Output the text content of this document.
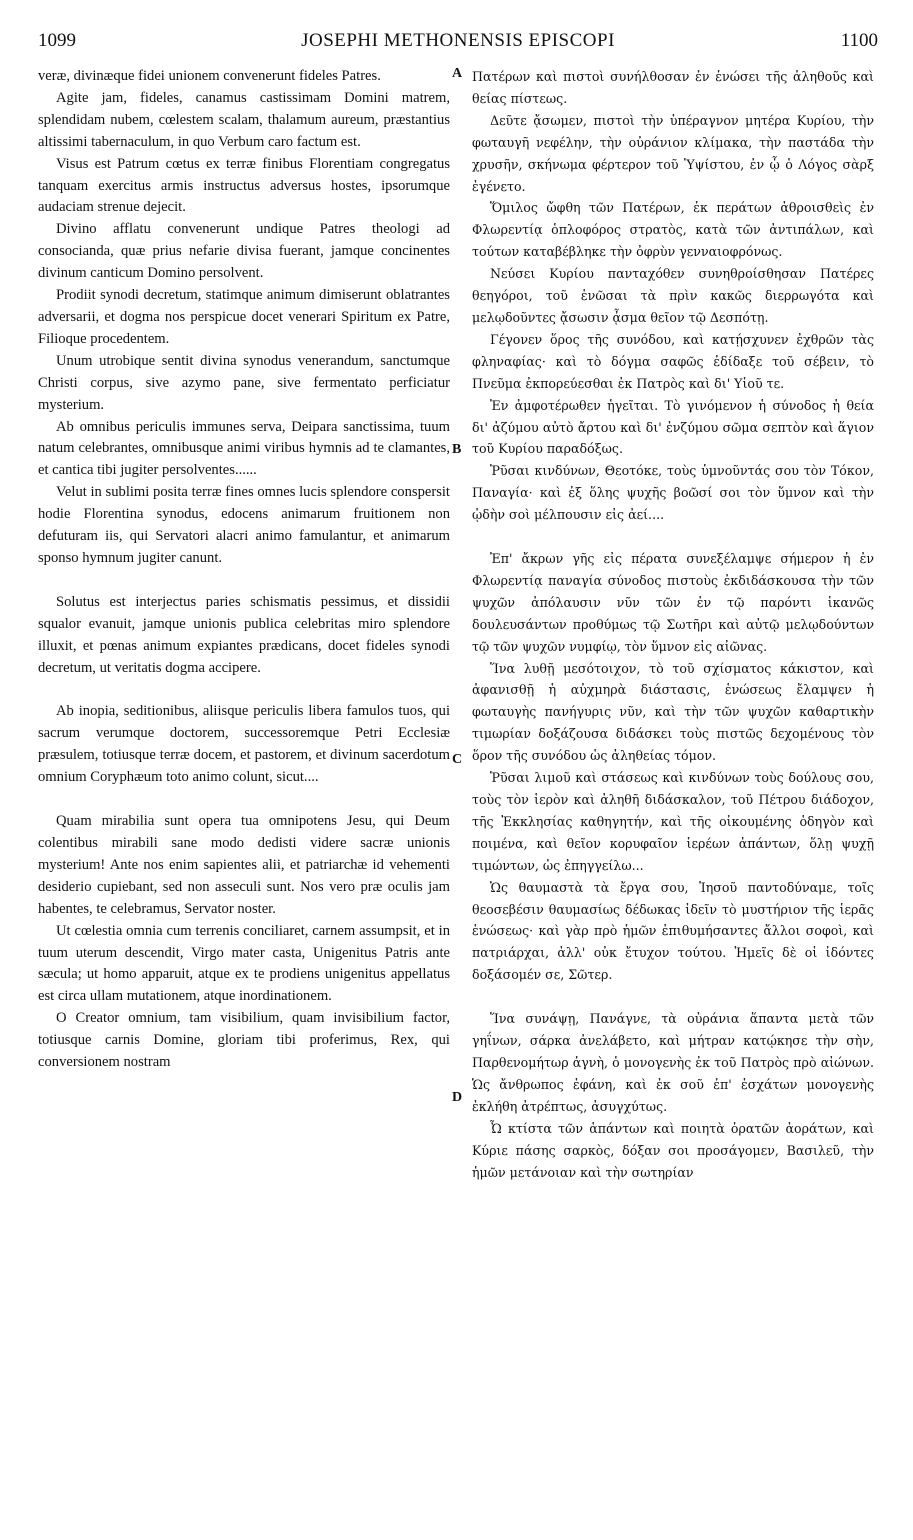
1099	JOSEPHI METHONENSIS EPISCOPI	1100
A
B
C
D

veræ, divinæque fidei unionem convenerunt fideles Patres.

Agite jam, fideles, canamus castissimam Domini matrem, splendidam nubem, cœlestem scalam, thalamum aureum, præstantius altissimi tabernaculum, in quo Verbum caro factum est.

Visus est Patrum cœtus ex terræ finibus Florentiam congregatus tanquam exercitus armis instructus adversus hostes, ipsorumque audaciam strenue dejecit.

Divino afflatu convenerunt undique Patres theologi ad consocianda, quæ prius nefarie divisa fuerant, jamque concinentes divinum canticum Domino persolvent.

Prodiit synodi decretum, statimque animum dimiserunt oblatrantes adversarii, et dogma nos perspicue docet venerari Spiritum ex Patre, Filioque procedentem.

Unum utrobique sentit divina synodus venerandum, sanctumque Christi corpus, sive azymo pane, sive fermentato perficiatur mysterium.

Ab omnibus periculis immunes serva, Deipara sanctissima, tuum natum celebrantes, omnibusque animi viribus hymnis ad te clamantes, et cantica tibi jugiter persolventes......

Velut in sublimi posita terræ fines omnes lucis splendore conspersit hodie Florentina synodus, edocens animarum fruitionem non defuturam iis, qui Servatori alacri animo famulantur, et animarum sponso hymnum jugiter canunt.

Solutus est interjectus paries schismatis pessimus, et dissidii squalor evanuit, jamque unionis publica celebritas miro splendore illuxit, et pœnas animum expiantes prædicans, docet fideles synodi decretum, ut veritatis dogma accipere.

Ab inopia, seditionibus, aliisque periculis libera famulos tuos, qui sacrum verumque doctorem, successoremque Petri Ecclesiæ præsulem, totiusque terræ docem, et pastorem, et divinum sacerdotum omnium Coryphæum toto animo colunt, sicut....

Quam mirabilia sunt opera tua omnipotens Jesu, qui Deum colentibus mirabili sane modo dedisti videre sacræ unionis mysterium! Ante nos enim sapientes alii, et patriarchæ id vehementi desiderio cupiebant, sed non asseculi sunt. Nos vero præ oculis jam habentes, te celebramus, Servator noster.

Ut cœlestia omnia cum terrenis conciliaret, carnem assumpsit, et in tuum uterum descendit, Virgo mater casta, Unigenitus Patris ante sæcula; ut homo apparuit, atque ex te prodiens unigenitus appellatus est circa ullam mutationem, atque inordinationem.

O Creator omnium, tam visibilium, quam invisibilium factor, totiusque carnis Domine, gloriam tibi proferimus, Rex, qui conversionem nostram

Πατέρων καὶ πιστοὶ συνήλθοσαν ἐν ἑνώσει τῆς ἀληθοῦς καὶ θείας πίστεως.

Δεῦτε ᾄσωμεν, πιστοὶ τὴν ὑπέραγνον μητέρα Κυρίου, τὴν φωταυγῆ νεφέλην, τὴν οὐράνιον κλίμακα, τὴν παστάδα τὴν χρυσῆν, σκήνωμα φέρτερον τοῦ Ὑψίστου, ἐν ᾧ ὁ Λόγος σὰρξ ἐγένετο.

Ὅμιλος ὤφθη τῶν Πατέρων, ἐκ περάτων ἀθροισθεὶς ἐν Φλωρεντίᾳ ὁπλοφόρος στρατὸς, κατὰ τῶν ἀντιπάλων, καὶ τούτων καταβέβληκε τὴν ὀφρὺν γενναιοφρόνως.

Νεύσει Κυρίου πανταχόθεν συνηθροίσθησαν Πατέρες θεηγόροι, τοῦ ἑνῶσαι τὰ πρὶν κακῶς διερρωγότα καὶ μελῳδοῦντες ᾄσωσιν ᾆσμα θεῖον τῷ Δεσπότῃ.

Γέγονεν ὅρος τῆς συνόδου, καὶ κατῄσχυνεν ἐχθρῶν τὰς φληναφίας· καὶ τὸ δόγμα σαφῶς ἐδίδαξε τοῦ σέβειν, τὸ Πνεῦμα ἐκπορεύεσθαι ἐκ Πατρὸς καὶ δι' Υἱοῦ τε.

Ἐν ἀμφοτέρωθεν ἡγεῖται. Τὸ γινόμενον ἡ σύνοδος ἡ θεία δι' ἀζύμου αὐτὸ ἄρτου καὶ δι' ἐνζύμου σῶμα σεπτὸν καὶ ἅγιον τοῦ Κυρίου παραδόξως.

Ῥῦσαι κινδύνων, Θεοτόκε, τοὺς ὑμνοῦντάς σου τὸν Τόκον, Παναγία· καὶ ἐξ ὅλης ψυχῆς βοῶσί σοι τὸν ὕμνον καὶ τὴν ᾠδὴν σοὶ μέλπουσιν εἰς ἀεί....

Ἐπ' ἄκρων γῆς εἰς πέρατα συνεξέλαμψε σήμερον ἡ ἐν Φλωρεντίᾳ παναγία σύνοδος πιστοὺς ἐκδιδάσκουσα τὴν τῶν ψυχῶν ἀπόλαυσιν νῦν τῶν ἐν τῷ παρόντι ἱκανῶς δουλευσάντων προθύμως τῷ Σωτῆρι καὶ αὐτῷ μελῳδούντων τῷ τῶν ψυχῶν νυμφίῳ, τὸν ὕμνον εἰς αἰῶνας.

Ἵνα λυθῇ μεσότοιχον, τὸ τοῦ σχίσματος κάκιστον, καὶ ἀφανισθῇ ἡ αὐχμηρὰ διάστασις, ἑνώσεως ἔλαμψεν ἡ φωταυγὴς πανήγυρις νῦν, καὶ τὴν τῶν ψυχῶν καθαρτικὴν τιμωρίαν δοξάζουσα διδάσκει τοὺς πιστῶς δεχομένους τὸν ὅρον τῆς συνόδου ὡς ἀληθείας τόμον.

Ῥῦσαι λιμοῦ καὶ στάσεως καὶ κινδύνων τοὺς δούλους σου, τοὺς τὸν ἱερὸν καὶ ἀληθῆ διδάσκαλον, τοῦ Πέτρου διάδοχον, τῆς Ἐκκλησίας καθηγητήν, καὶ τῆς οἰκουμένης ὁδηγὸν καὶ ποιμένα, καὶ θεῖον κορυφαῖον ἱερέων ἁπάντων, ὅλῃ ψυχῇ τιμώντων, ὡς ἐπηγγείλω...

Ὡς θαυμαστὰ τὰ ἔργα σου, Ἰησοῦ παντοδύναμε, τοῖς θεοσεβέσιν θαυμασίως δέδωκας ἰδεῖν τὸ μυστήριον τῆς ἱερᾶς ἑνώσεως· καὶ γὰρ πρὸ ἡμῶν ἐπιθυμήσαντες ἄλλοι σοφοὶ, καὶ πατριάρχαι, ἀλλ' οὐκ ἔτυχον τούτου. Ἡμεῖς δὲ οἱ ἰδόντες δοξάσομέν σε, Σῶτερ.

Ἵνα συνάψῃ, Πανάγνε, τὰ οὐράνια ἅπαντα μετὰ τῶν γηΐνων, σάρκα ἀνελάβετο, καὶ μήτραν κατῴκησε τὴν σὴν, Παρθενομήτωρ ἁγνὴ, ὁ μονογενὴς ἐκ τοῦ Πατρὸς πρὸ αἰώνων. Ὡς ἄνθρωπος ἐφάνη, καὶ ἐκ σοῦ ἐπ' ἐσχάτων μονογενὴς ἐκλήθη ἀτρέπτως, ἀσυγχύτως.

Ὦ κτίστα τῶν ἁπάντων καὶ ποιητὰ ὁρατῶν ἀοράτων, καὶ Κύριε πάσης σαρκὸς, δόξαν σοι προσάγομεν, Βασιλεῦ, τὴν ἡμῶν μετάνοιαν καὶ τὴν σωτηρίαν
